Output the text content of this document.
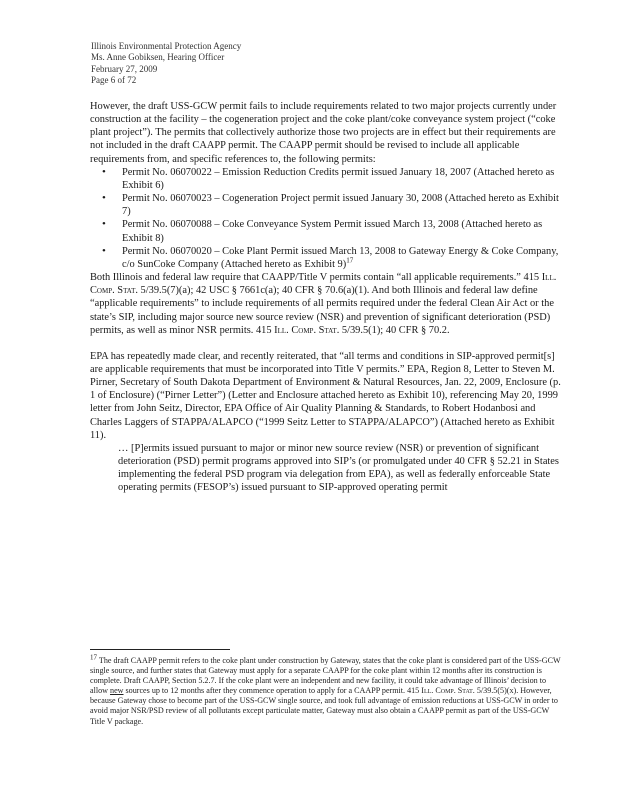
Illinois Environmental Protection Agency
Ms. Anne Gobiksen, Hearing Officer
February 27, 2009
Page 6 of 72

However, the draft USS-GCW permit fails to include requirements related to two major projects currently under construction at the facility – the cogeneration project and the coke plant/coke conveyance system project (“coke plant project”). The permits that collectively authorize those two projects are in effect but their requirements are not included in the draft CAAPP permit. The CAAPP permit should be revised to include all applicable requirements from, and specific references to, the following permits:

• Permit No. 06070022 – Emission Reduction Credits permit issued January 18, 2007 (Attached hereto as Exhibit 6)
• Permit No. 06070023 – Cogeneration Project permit issued January 30, 2008 (Attached hereto as Exhibit 7)
• Permit No. 06070088 – Coke Conveyance System Permit issued March 13, 2008 (Attached hereto as Exhibit 8)
• Permit No. 06070020 – Coke Plant Permit issued March 13, 2008 to Gateway Energy & Coke Company, c/o SunCoke Company (Attached hereto as Exhibit 9)$^{17}$

Both Illinois and federal law require that CAAPP/Title V permits contain “all applicable requirements.” 415 Ill. Comp. Stat. 5/39.5(7)(a); 42 USC § 7661c(a); 40 CFR § 70.6(a)(1). And both Illinois and federal law define “applicable requirements” to include requirements of all permits required under the federal Clean Air Act or the state’s SIP, including major source new source review (NSR) and prevention of significant deterioration (PSD) permits, as well as minor NSR permits. 415 Ill. Comp. Stat. 5/39.5(1); 40 CFR § 70.2.

EPA has repeatedly made clear, and recently reiterated, that “all terms and conditions in SIP-approved permit[s] are applicable requirements that must be incorporated into Title V permits.” EPA, Region 8, Letter to Steven M. Pirner, Secretary of South Dakota Department of Environment & Natural Resources, Jan. 22, 2009, Enclosure (p. 1 of Enclosure) (“Pirner Letter”) (Letter and Enclosure attached hereto as Exhibit 10), referencing May 20, 1999 letter from John Seitz, Director, EPA Office of Air Quality Planning & Standards, to Robert Hodanbosi and Charles Laggers of STAPPA/ALAPCO (“1999 Seitz Letter to STAPPA/ALAPCO”) (Attached hereto as Exhibit 11).

… [P]ermits issued pursuant to major or minor new source review (NSR) or prevention of significant deterioration (PSD) permit programs approved into SIP’s (or promulgated under 40 CFR § 52.21 in States implementing the federal PSD program via delegation from EPA), as well as federally enforceable State operating permits (FESOP’s) issued pursuant to SIP-approved operating permit

$^{17}$ The draft CAAPP permit refers to the coke plant under construction by Gateway, states that the coke plant is considered part of the USS-GCW single source, and further states that Gateway must apply for a separate CAAPP for the coke plant within 12 months after its construction is complete. Draft CAAPP, Section 5.2.7. If the coke plant were an independent and new facility, it could take advantage of Illinois’ decision to allow new sources up to 12 months after they commence operation to apply for a CAAPP permit. 415 Ill. Comp. Stat. 5/39.5(5)(x). However, because Gateway chose to become part of the USS-GCW single source, and took full advantage of emission reductions at USS-GCW in order to avoid major NSR/PSD review of all pollutants except particulate matter, Gateway must also obtain a CAAPP permit as part of the USS-GCW Title V package.
